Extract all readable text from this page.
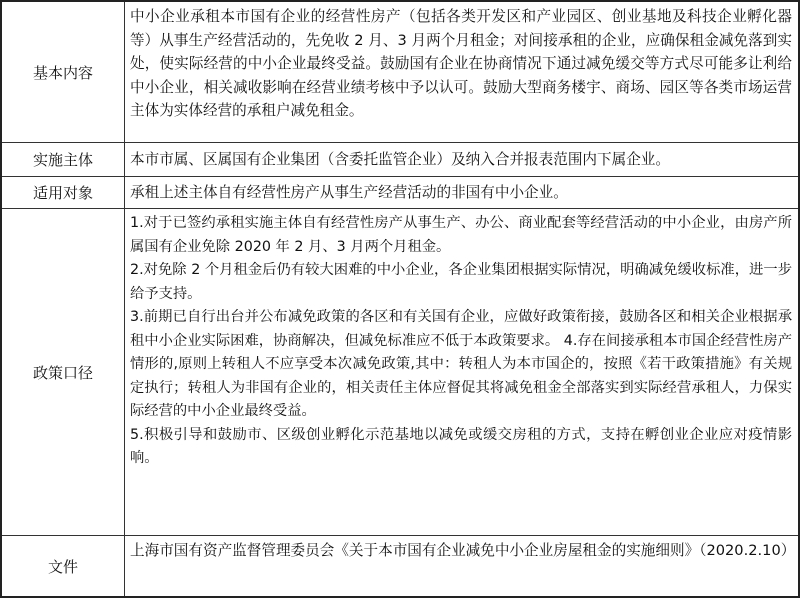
基本内容

中小企业承租本市国有企业的经营性房产（包括各类开发区和产业园区、创业基地及科技企业孵化器等）从事生产经营活动的，先免收 2 月、3 月两个月租金；对间接承租的企业，应确保租金减免落到实处，使实际经营的中小企业最终受益。鼓励国有企业在协商情况下通过减免缓交等方式尽可能多让利给中小企业，相关减收影响在经营业绩考核中予以认可。鼓励大型商务楼宇、商场、园区等各类市场运营主体为实体经营的承租户减免租金。

实施主体	本市市属、区属国有企业集团（含委托监管企业）及纳入合并报表范围内下属企业。

适用对象	承租上述主体自有经营性房产从事生产经营活动的非国有中小企业。

政策口径

1.对于已签约承租实施主体自有经营性房产从事生产、办公、商业配套等经营活动的中小企业，由房产所属国有企业免除 2020 年 2 月、3 月两个月租金。

2.对免除 2 个月租金后仍有较大困难的中小企业，各企业集团根据实际情况，明确减免缓收标准，进一步给予支持。

3.前期已自行出台并公布减免政策的各区和有关国有企业，应做好政策衔接，鼓励各区和相关企业根据承租中小企业实际困难，协商解决，但减免标准应不低于本政策要求。 4.存在间接承租本市国企经营性房产情形的,原则上转租人不应享受本次减免政策,其中：转租人为本市国企的，按照《若干政策措施》有关规定执行；转租人为非国有企业的，相关责任主体应督促其将减免租金全部落实到实际经营承租人，力保实际经营的中小企业最终受益。

5.积极引导和鼓励市、区级创业孵化示范基地以减免或缓交房租的方式，支持在孵创业企业应对疫情影响。

文件

上海市国有资产监督管理委员会《关于本市国有企业减免中小企业房屋租金的实施细则》（2020.2.10）
